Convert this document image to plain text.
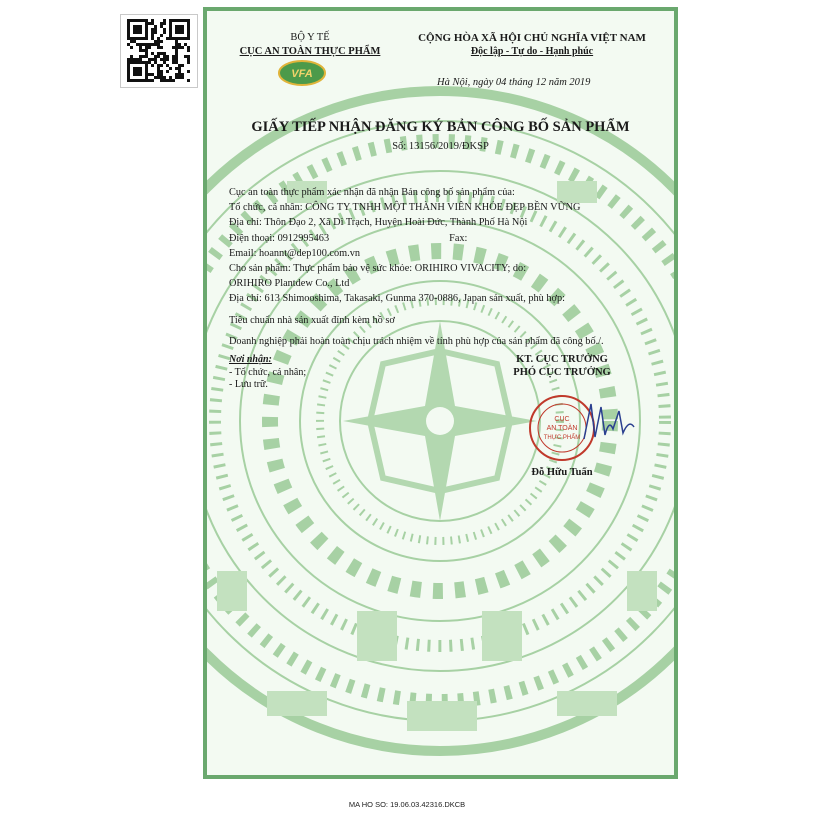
BỘ Y TẾ
CỤC AN TOÀN THỰC PHẨM
VFA
CỘNG HÒA XÃ HỘI CHỦ NGHĨA VIỆT NAM
Độc lập - Tự do - Hạnh phúc
Hà Nội, ngày 04 tháng 12 năm 2019
GIẤY TIẾP NHẬN ĐĂNG KÝ BẢN CÔNG BỐ SẢN PHẨM
Số: 13156/2019/ĐKSP
Cục an toàn thực phẩm xác nhận đã nhận Bản công bố sản phẩm của:
Tổ chức, cá nhân: CÔNG TY TNHH MỘT THÀNH VIÊN KHỎE ĐẸP BỀN VỮNG
Địa chỉ: Thôn Đạo 2, Xã Di Trạch, Huyện Hoài Đức, Thành Phố Hà Nội
Điện thoại: 0912995463	Fax:
Email: hoannt@dep100.com.vn
Cho sản phẩm: Thực phẩm bảo vệ sức khỏe: ORIHIRO VIVACITY; do:
ORIHIRO Plantdew Co., Ltd
Địa chỉ: 613 Shimooshima, Takasaki, Gunma 370-0886, Japan sản xuất, phù hợp:
Tiêu chuẩn nhà sản xuất đính kèm hồ sơ
Doanh nghiệp phải hoàn toàn chịu trách nhiệm về tính phù hợp của sản phẩm đã công bố./.
Nơi nhận:
- Tổ chức, cá nhân;
- Lưu trữ.
KT. CỤC TRƯỞNG
PHÓ CỤC TRƯỞNG
CỤC
AN TOÀN
THỰC PHẨM
Đỗ Hữu Tuấn
MA HO SO: 19.06.03.42316.DKCB
